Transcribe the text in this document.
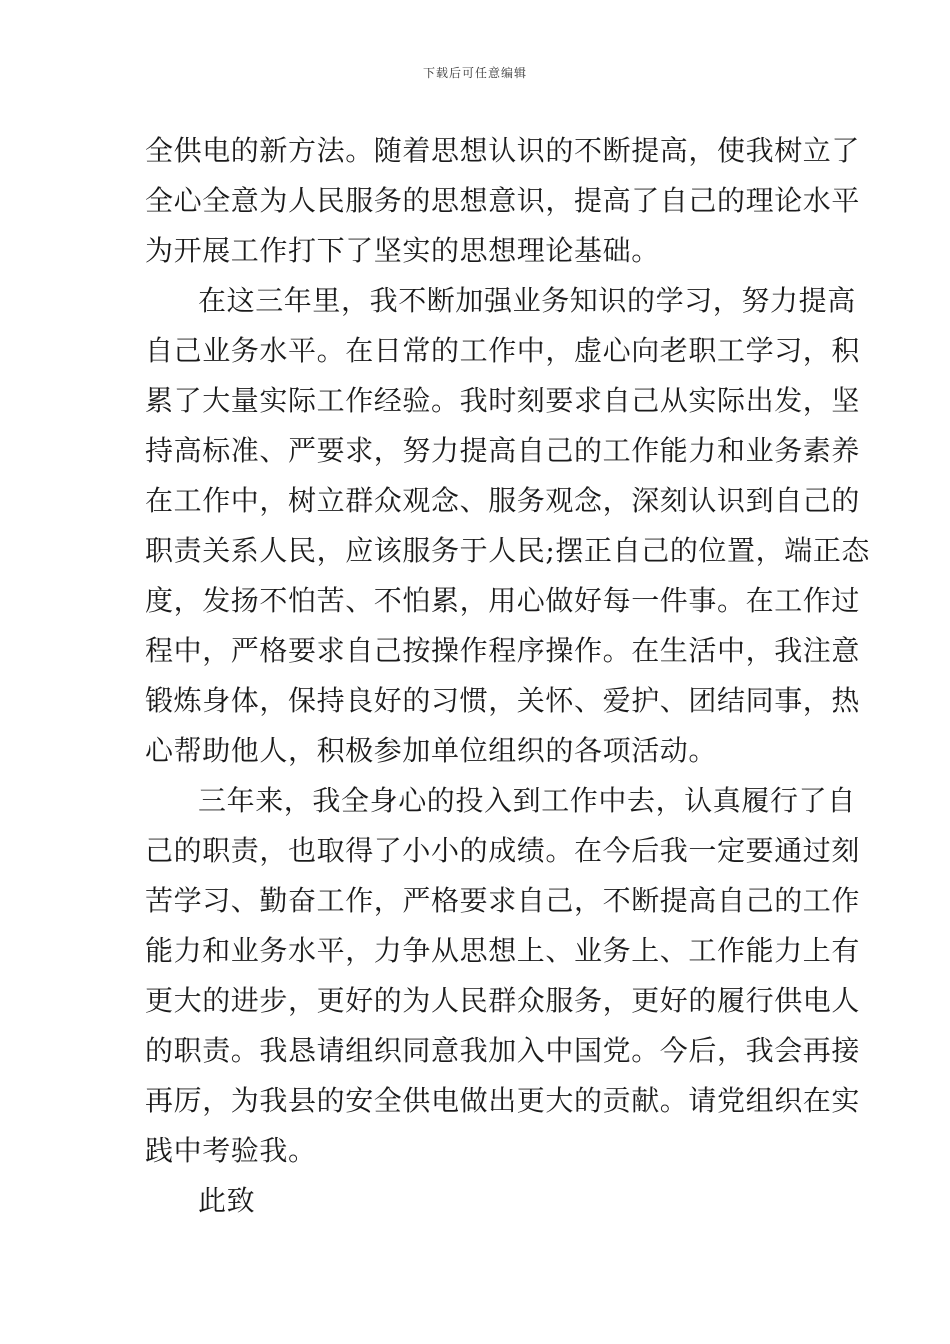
下载后可任意编辑
全供电的新方法。随着思想认识的不断提高，使我树立了
全心全意为人民服务的思想意识，提高了自己的理论水平
为开展工作打下了坚实的思想理论基础。
在这三年里，我不断加强业务知识的学习，努力提高
自己业务水平。在日常的工作中，虚心向老职工学习，积
累了大量实际工作经验。我时刻要求自己从实际出发，坚
持高标准、严要求，努力提高自己的工作能力和业务素养
在工作中，树立群众观念、服务观念，深刻认识到自己的
职责关系人民，应该服务于人民;摆正自己的位置，端正态
度，发扬不怕苦、不怕累，用心做好每一件事。在工作过
程中，严格要求自己按操作程序操作。在生活中，我注意
锻炼身体，保持良好的习惯，关怀、爱护、团结同事，热
心帮助他人，积极参加单位组织的各项活动。
三年来，我全身心的投入到工作中去，认真履行了自
己的职责，也取得了小小的成绩。在今后我一定要通过刻
苦学习、勤奋工作，严格要求自己，不断提高自己的工作
能力和业务水平，力争从思想上、业务上、工作能力上有
更大的进步，更好的为人民群众服务，更好的履行供电人
的职责。我恳请组织同意我加入中国党。今后，我会再接
再厉，为我县的安全供电做出更大的贡献。请党组织在实
践中考验我。
此致
